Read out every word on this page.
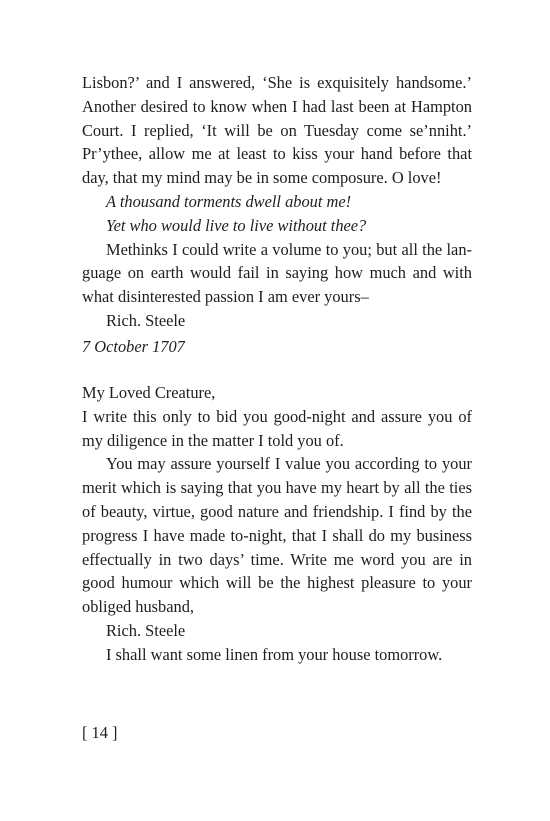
Lisbon?’ and I answered, ‘She is exquisitely handsome.’ Another desired to know when I had last been at Hampton Court. I replied, ‘It will be on Tuesday come se’nniht.’ Pr’ythee, allow me at least to kiss your hand before that day, that my mind may be in some composure. O love!

A thousand torments dwell about me!

Yet who would live to live without thee?

Methinks I could write a volume to you; but all the language on earth would fail in saying how much and with what disinterested passion I am ever yours–

Rich. Steele

7 October 1707

My Loved Creature,

I write this only to bid you good-night and assure you of my diligence in the matter I told you of.

You may assure yourself I value you according to your merit which is saying that you have my heart by all the ties of beauty, virtue, good nature and friendship. I find by the progress I have made to-night, that I shall do my business effectually in two days’ time. Write me word you are in good humour which will be the highest pleasure to your obliged husband,

Rich. Steele

I shall want some linen from your house tomorrow.

[ 14 ]
